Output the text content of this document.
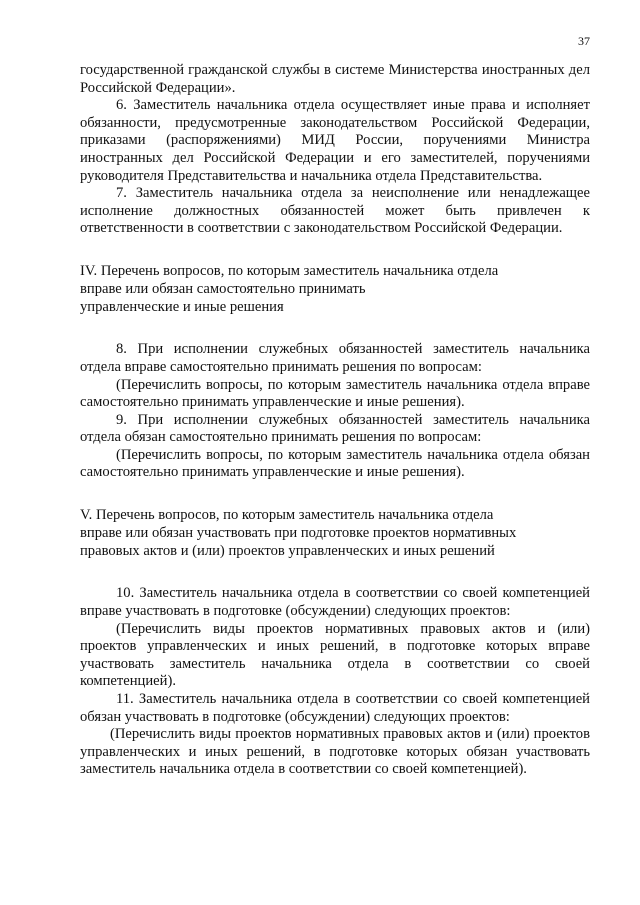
37

государственной гражданской службы в системе Министерства иностранных дел Российской Федерации».

6. Заместитель начальника отдела осуществляет иные права и исполняет обязанности, предусмотренные законодательством Российской Федерации, приказами (распоряжениями) МИД России, поручениями Министра иностранных дел Российской Федерации и его заместителей, поручениями руководителя Представительства и начальника отдела Представительства.

7. Заместитель начальника отдела за неисполнение или ненадлежащее исполнение должностных обязанностей может быть привлечен к ответственности в соответствии с законодательством Российской Федерации.

IV. Перечень вопросов, по которым заместитель начальника отдела

вправе или обязан самостоятельно принимать

управленческие и иные решения

8. При исполнении служебных обязанностей заместитель начальника отдела вправе самостоятельно принимать решения по вопросам:

(Перечислить вопросы, по которым заместитель начальника отдела вправе самостоятельно принимать управленческие и иные решения).

9. При исполнении служебных обязанностей заместитель начальника отдела обязан самостоятельно принимать решения по вопросам:

(Перечислить вопросы, по которым заместитель начальника отдела обязан самостоятельно принимать управленческие и иные решения).

V. Перечень вопросов, по которым заместитель начальника отдела

вправе или обязан участвовать при подготовке проектов нормативных

правовых актов и (или) проектов управленческих и иных решений

10. Заместитель начальника отдела в соответствии со своей компетенцией вправе участвовать в подготовке (обсуждении) следующих проектов:

(Перечислить виды проектов нормативных правовых актов и (или) проектов управленческих и иных решений, в подготовке которых вправе участвовать заместитель начальника отдела в соответствии со своей компетенцией).

11. Заместитель начальника отдела в соответствии со своей компетенцией обязан участвовать в подготовке (обсуждении) следующих проектов:

(Перечислить виды проектов нормативных правовых актов и (или) проектов управленческих и иных решений, в подготовке которых обязан участвовать заместитель начальника отдела в соответствии со своей компетенцией).
